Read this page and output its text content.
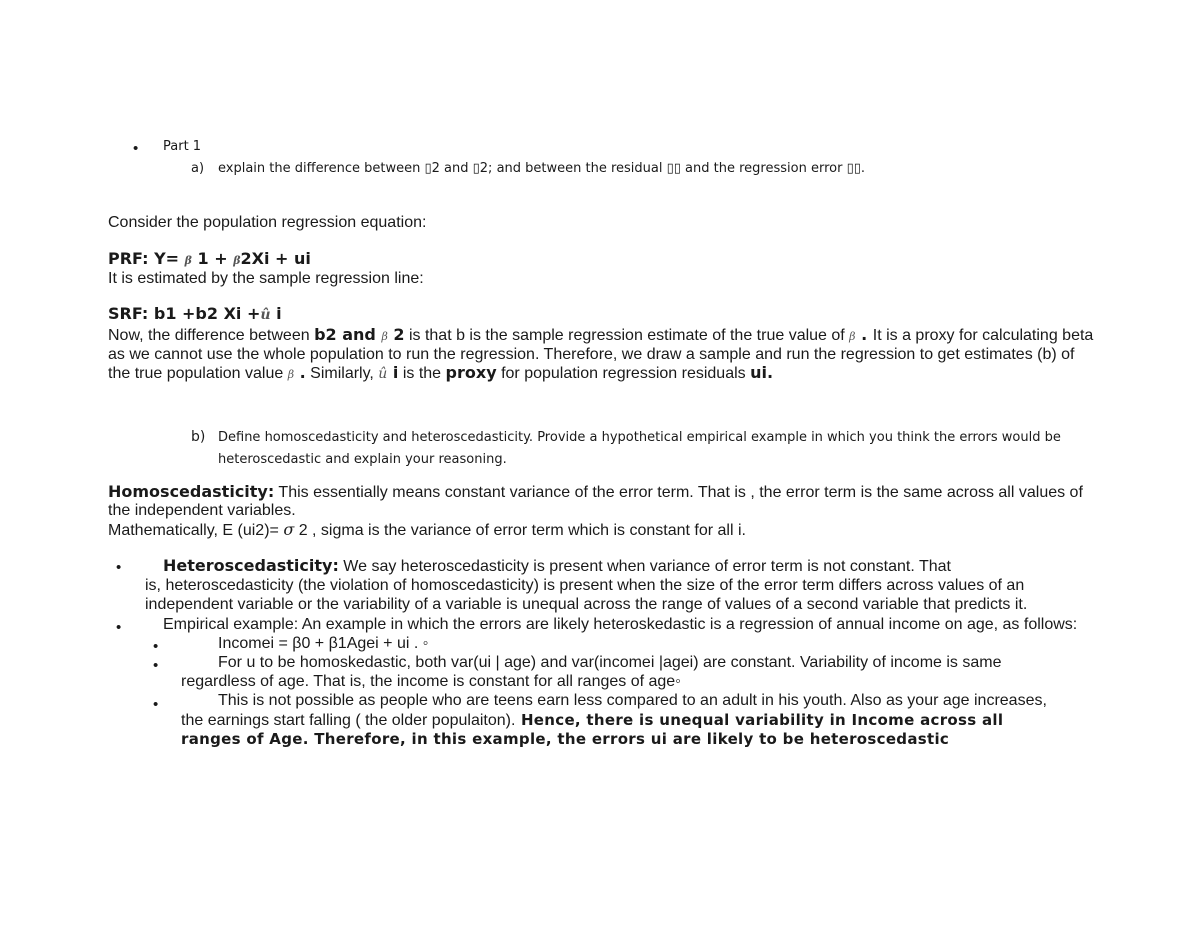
• Part 1
a) explain the difference between ▯2 and ▯2; and between the residual ▯▯ and the regression error ▯▯.
Consider the population regression equation:
PRF: Y= β 1 + β2Xi + ui
It is estimated by the sample regression line:
SRF: b1 +b2 Xi +û i
Now, the difference between b2 and β 2 is that b is the sample regression estimate of the true value of β . It is a proxy for calculating beta
as we cannot use the whole population to run the regression. Therefore, we draw a sample and run the regression to get estimates (b) of
the true population value β . Similarly, û i is the proxy for population regression residuals ui.
b) Define homoscedasticity and heteroscedasticity. Provide a hypothetical empirical example in which you think the errors would be
heteroscedastic and explain your reasoning.
Homoscedasticity: This essentially means constant variance of the error term. That is , the error term is the same across all values of
the independent variables.
Mathematically, E (ui2)= σ 2 , sigma is the variance of error term which is constant for all i.
•	Heteroscedasticity: We say heteroscedasticity is present when variance of error term is not constant. That
is, heteroscedasticity (the violation of homoscedasticity) is present when the size of the error term differs across values of an
independent variable or the variability of a variable is unequal across the range of values of a second variable that predicts it.
•	Empirical example: An example in which the errors are likely heteroskedastic is a regression of annual income on age, as follows:
•	Incomei = β0 + β1Agei + ui . ◦
•	For u to be homoskedastic, both var(ui | age) and var(incomei |agei) are constant. Variability of income is same
regardless of age. That is, the income is constant for all ranges of age◦
•	This is not possible as people who are teens earn less compared to an adult in his youth. Also as your age increases,
the earnings start falling ( the older populaiton). Hence, there is unequal variability in Income across all
ranges of Age. Therefore, in this example, the errors ui are likely to be heteroscedastic
